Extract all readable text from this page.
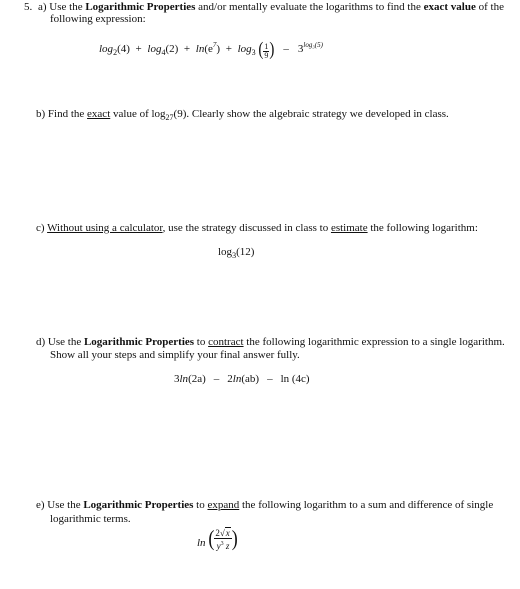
5. a) Use the Logarithmic Properties and/or mentally evaluate the logarithms to find the exact value of the
following expression:
$\log_2(4) + \log_4(2) + \ln(e^7) + \log_3$ ( $\frac{1}{9}$ ) – $3^{log_3(5)}$
b) Find the exact value of $\log_{27}(9)$. Clearly show the algebraic strategy we developed in class.
c) Without using a calculator, use the strategy discussed in class to estimate the following logarithm:
$\log_3(12)$
d) Use the Logarithmic Properties to contract the following logarithmic expression to a single logarithm.
Show all your steps and simplify your final answer fully.
3ln(2a) – 2ln(ab) – ln (4c)
e) Use the Logarithmic Properties to expand the following logarithm to a sum and difference of single
logarithmic terms.
ln ( $\frac{2√x}{y^3 z}$ )
